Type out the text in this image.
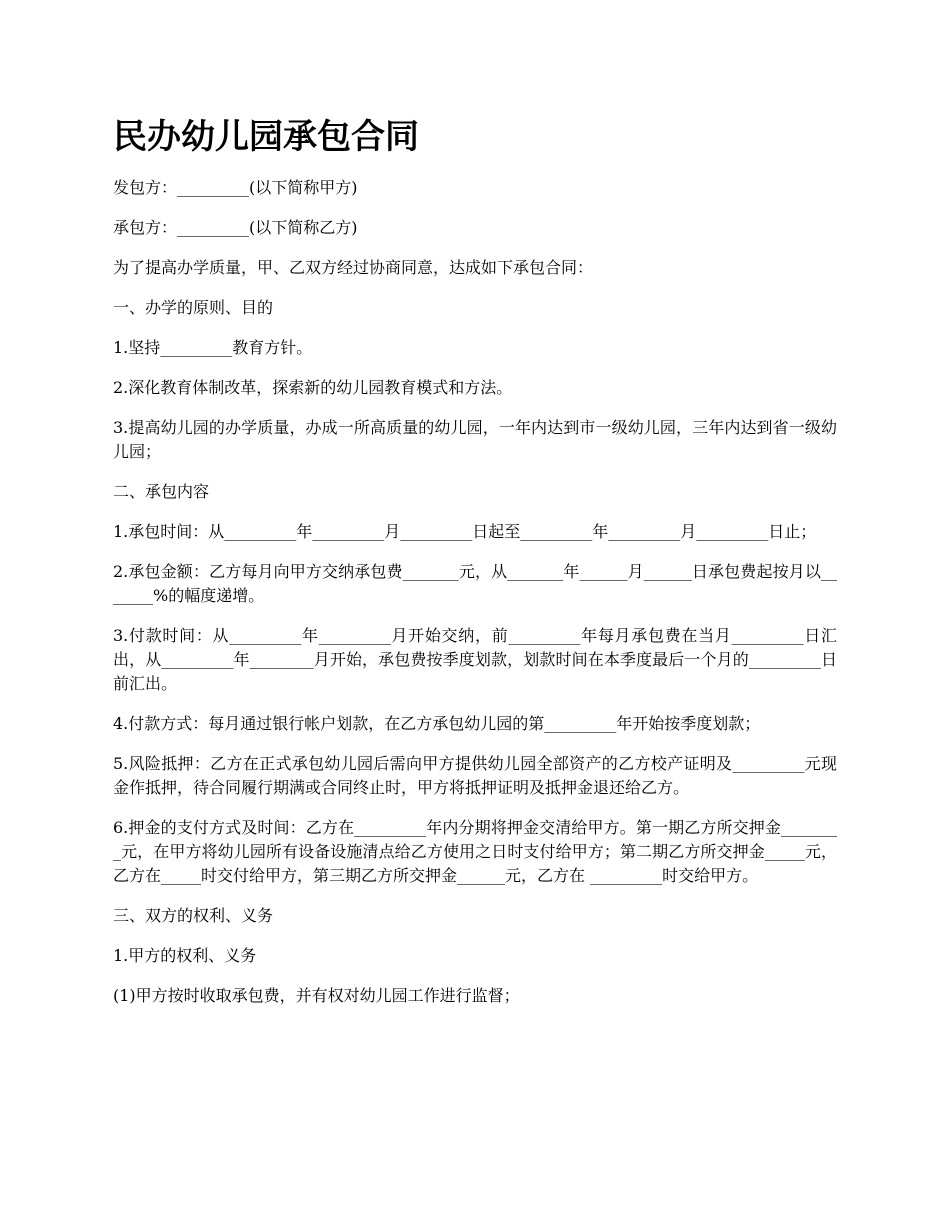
民办幼儿园承包合同

发包方：_________(以下简称甲方)

承包方：_________(以下简称乙方)

为了提高办学质量，甲、乙双方经过协商同意，达成如下承包合同：

一、办学的原则、目的

1.坚持_________教育方针。

2.深化教育体制改革，探索新的幼儿园教育模式和方法。

3.提高幼儿园的办学质量，办成一所高质量的幼儿园，一年内达到市一级幼儿园，三年内达到省一级幼儿园；

二、承包内容

1.承包时间：从_________年_________月_________日起至_________年_________月_________日止；

2.承包金额：乙方每月向甲方交纳承包费_______元，从_______年______月______日承包费起按月以_______%的幅度递增。

3.付款时间：从_________年_________月开始交纳，前_________年每月承包费在当月_________日汇出，从_________年________月开始，承包费按季度划款，划款时间在本季度最后一个月的_________日前汇出。

4.付款方式：每月通过银行帐户划款，在乙方承包幼儿园的第_________年开始按季度划款；

5.风险抵押：乙方在正式承包幼儿园后需向甲方提供幼儿园全部资产的乙方校产证明及_________元现金作抵押，待合同履行期满或合同终止时，甲方将抵押证明及抵押金退还给乙方。

6.押金的支付方式及时间：乙方在_________年内分期将押金交清给甲方。第一期乙方所交押金________元，在甲方将幼儿园所有设备设施清点给乙方使用之日时支付给甲方；第二期乙方所交押金_____元，乙方在_____时交付给甲方，第三期乙方所交押金______元，乙方在 _________时交给甲方。

三、双方的权利、义务

1.甲方的权利、义务

(1)甲方按时收取承包费，并有权对幼儿园工作进行监督；
